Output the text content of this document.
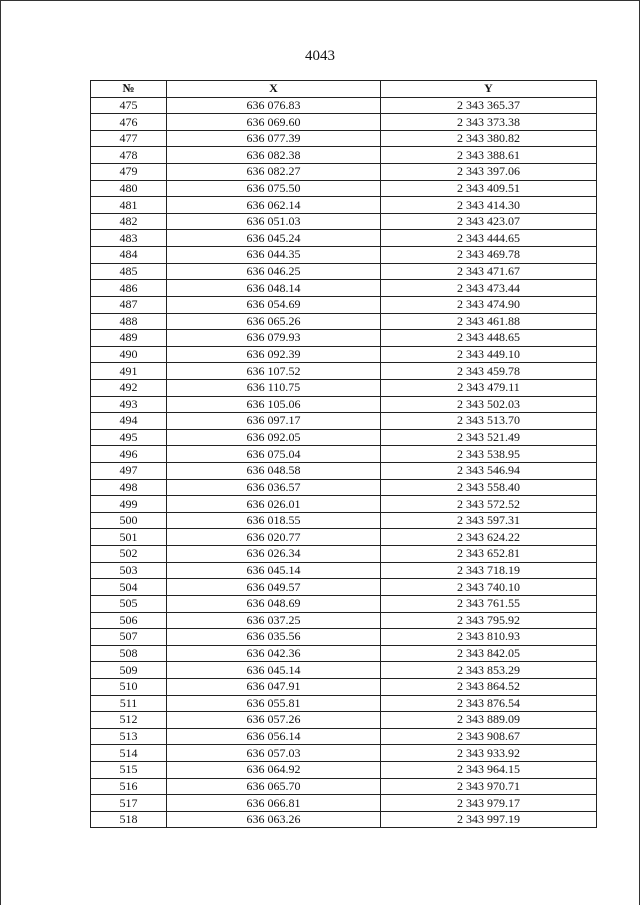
4043
№	X	Y
475	636 076.83	2 343 365.37
476	636 069.60	2 343 373.38
477	636 077.39	2 343 380.82
478	636 082.38	2 343 388.61
479	636 082.27	2 343 397.06
480	636 075.50	2 343 409.51
481	636 062.14	2 343 414.30
482	636 051.03	2 343 423.07
483	636 045.24	2 343 444.65
484	636 044.35	2 343 469.78
485	636 046.25	2 343 471.67
486	636 048.14	2 343 473.44
487	636 054.69	2 343 474.90
488	636 065.26	2 343 461.88
489	636 079.93	2 343 448.65
490	636 092.39	2 343 449.10
491	636 107.52	2 343 459.78
492	636 110.75	2 343 479.11
493	636 105.06	2 343 502.03
494	636 097.17	2 343 513.70
495	636 092.05	2 343 521.49
496	636 075.04	2 343 538.95
497	636 048.58	2 343 546.94
498	636 036.57	2 343 558.40
499	636 026.01	2 343 572.52
500	636 018.55	2 343 597.31
501	636 020.77	2 343 624.22
502	636 026.34	2 343 652.81
503	636 045.14	2 343 718.19
504	636 049.57	2 343 740.10
505	636 048.69	2 343 761.55
506	636 037.25	2 343 795.92
507	636 035.56	2 343 810.93
508	636 042.36	2 343 842.05
509	636 045.14	2 343 853.29
510	636 047.91	2 343 864.52
511	636 055.81	2 343 876.54
512	636 057.26	2 343 889.09
513	636 056.14	2 343 908.67
514	636 057.03	2 343 933.92
515	636 064.92	2 343 964.15
516	636 065.70	2 343 970.71
517	636 066.81	2 343 979.17
518	636 063.26	2 343 997.19
